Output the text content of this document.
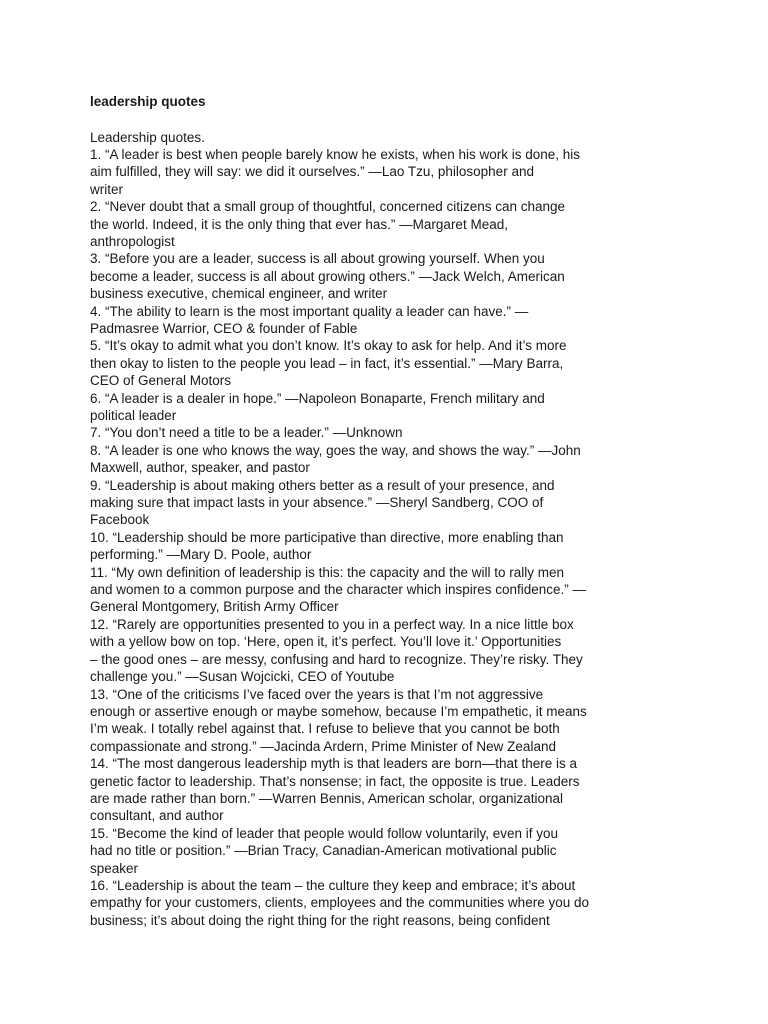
leadership quotes

Leadership quotes.

1. “A leader is best when people barely know he exists, when his work is done, his

aim fulfilled, they will say: we did it ourselves.” —Lao Tzu, philosopher and

writer

2. “Never doubt that a small group of thoughtful, concerned citizens can change

the world. Indeed, it is the only thing that ever has.” —Margaret Mead,

anthropologist

3. “Before you are a leader, success is all about growing yourself. When you

become a leader, success is all about growing others.” —Jack Welch, American

business executive, chemical engineer, and writer

4. “The ability to learn is the most important quality a leader can have.” —

Padmasree Warrior, CEO & founder of Fable

5. “It’s okay to admit what you don’t know. It’s okay to ask for help. And it’s more

then okay to listen to the people you lead – in fact, it’s essential.” —Mary Barra,

CEO of General Motors

6. “A leader is a dealer in hope.” —Napoleon Bonaparte, French military and

political leader

7. “You don’t need a title to be a leader.” —Unknown

8. “A leader is one who knows the way, goes the way, and shows the way.” —John

Maxwell, author, speaker, and pastor

9. “Leadership is about making others better as a result of your presence, and

making sure that impact lasts in your absence.” —Sheryl Sandberg, COO of

Facebook

10. “Leadership should be more participative than directive, more enabling than

performing.” —Mary D. Poole, author

11. “My own definition of leadership is this: the capacity and the will to rally men

and women to a common purpose and the character which inspires confidence.” —

General Montgomery, British Army Officer

12. “Rarely are opportunities presented to you in a perfect way. In a nice little box

with a yellow bow on top. ‘Here, open it, it’s perfect. You’ll love it.’ Opportunities

– the good ones – are messy, confusing and hard to recognize. They’re risky. They

challenge you.” —Susan Wojcicki, CEO of Youtube

13. “One of the criticisms I’ve faced over the years is that I’m not aggressive

enough or assertive enough or maybe somehow, because I’m empathetic, it means

I’m weak. I totally rebel against that. I refuse to believe that you cannot be both

compassionate and strong.” —Jacinda Ardern, Prime Minister of New Zealand

14. “The most dangerous leadership myth is that leaders are born—that there is a

genetic factor to leadership. That’s nonsense; in fact, the opposite is true. Leaders

are made rather than born.” —Warren Bennis, American scholar, organizational

consultant, and author

15. “Become the kind of leader that people would follow voluntarily, even if you

had no title or position.” —Brian Tracy, Canadian-American motivational public

speaker

16. “Leadership is about the team – the culture they keep and embrace; it’s about

empathy for your customers, clients, employees and the communities where you do

business; it’s about doing the right thing for the right reasons, being confident
